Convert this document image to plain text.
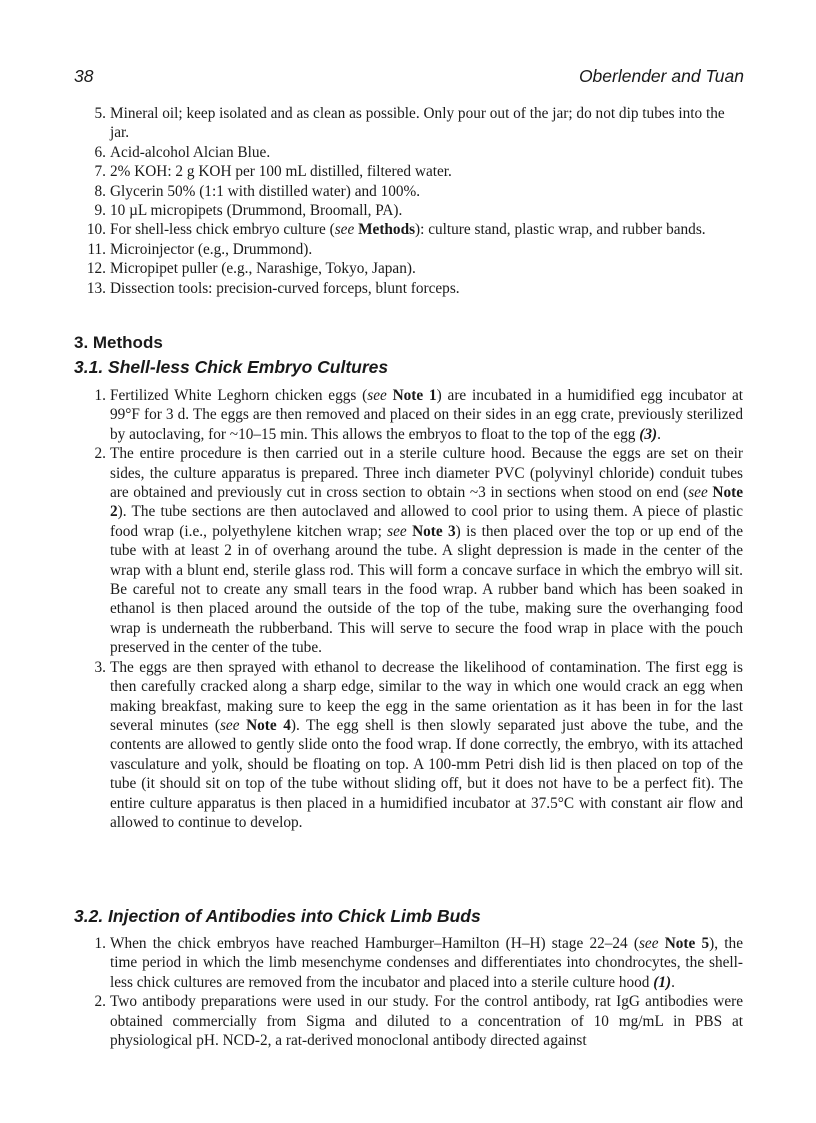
38	Oberlender and Tuan
5. Mineral oil; keep isolated and as clean as possible. Only pour out of the jar; do not dip tubes into the jar.
6. Acid-alcohol Alcian Blue.
7. 2% KOH: 2 g KOH per 100 mL distilled, filtered water.
8. Glycerin 50% (1:1 with distilled water) and 100%.
9. 10 µL micropipets (Drummond, Broomall, PA).
10. For shell-less chick embryo culture (see Methods): culture stand, plastic wrap, and rubber bands.
11. Microinjector (e.g., Drummond).
12. Micropipet puller (e.g., Narashige, Tokyo, Japan).
13. Dissection tools: precision-curved forceps, blunt forceps.
3. Methods
3.1. Shell-less Chick Embryo Cultures
1. Fertilized White Leghorn chicken eggs (see Note 1) are incubated in a humidified egg incubator at 99°F for 3 d. The eggs are then removed and placed on their sides in an egg crate, previously sterilized by autoclaving, for ~10–15 min. This allows the embryos to float to the top of the egg (3).
2. The entire procedure is then carried out in a sterile culture hood. Because the eggs are set on their sides, the culture apparatus is prepared. Three inch diameter PVC (polyvinyl chloride) conduit tubes are obtained and previously cut in cross section to obtain ~3 in sections when stood on end (see Note 2). The tube sections are then autoclaved and allowed to cool prior to using them. A piece of plastic food wrap (i.e., polyethylene kitchen wrap; see Note 3) is then placed over the top or up end of the tube with at least 2 in of overhang around the tube. A slight depression is made in the center of the wrap with a blunt end, sterile glass rod. This will form a concave surface in which the embryo will sit. Be careful not to create any small tears in the food wrap. A rubber band which has been soaked in ethanol is then placed around the outside of the top of the tube, making sure the overhanging food wrap is underneath the rubberband. This will serve to secure the food wrap in place with the pouch preserved in the center of the tube.
3. The eggs are then sprayed with ethanol to decrease the likelihood of contamination. The first egg is then carefully cracked along a sharp edge, similar to the way in which one would crack an egg when making breakfast, making sure to keep the egg in the same orientation as it has been in for the last several minutes (see Note 4). The egg shell is then slowly separated just above the tube, and the contents are allowed to gently slide onto the food wrap. If done correctly, the embryo, with its attached vasculature and yolk, should be floating on top. A 100-mm Petri dish lid is then placed on top of the tube (it should sit on top of the tube without sliding off, but it does not have to be a perfect fit). The entire culture apparatus is then placed in a humidified incubator at 37.5°C with constant air flow and allowed to continue to develop.
3.2. Injection of Antibodies into Chick Limb Buds
1. When the chick embryos have reached Hamburger–Hamilton (H–H) stage 22–24 (see Note 5), the time period in which the limb mesenchyme condenses and differentiates into chondrocytes, the shell-less chick cultures are removed from the incubator and placed into a sterile culture hood (1).
2. Two antibody preparations were used in our study. For the control antibody, rat IgG antibodies were obtained commercially from Sigma and diluted to a concentration of 10 mg/mL in PBS at physiological pH. NCD-2, a rat-derived monoclonal antibody directed against
